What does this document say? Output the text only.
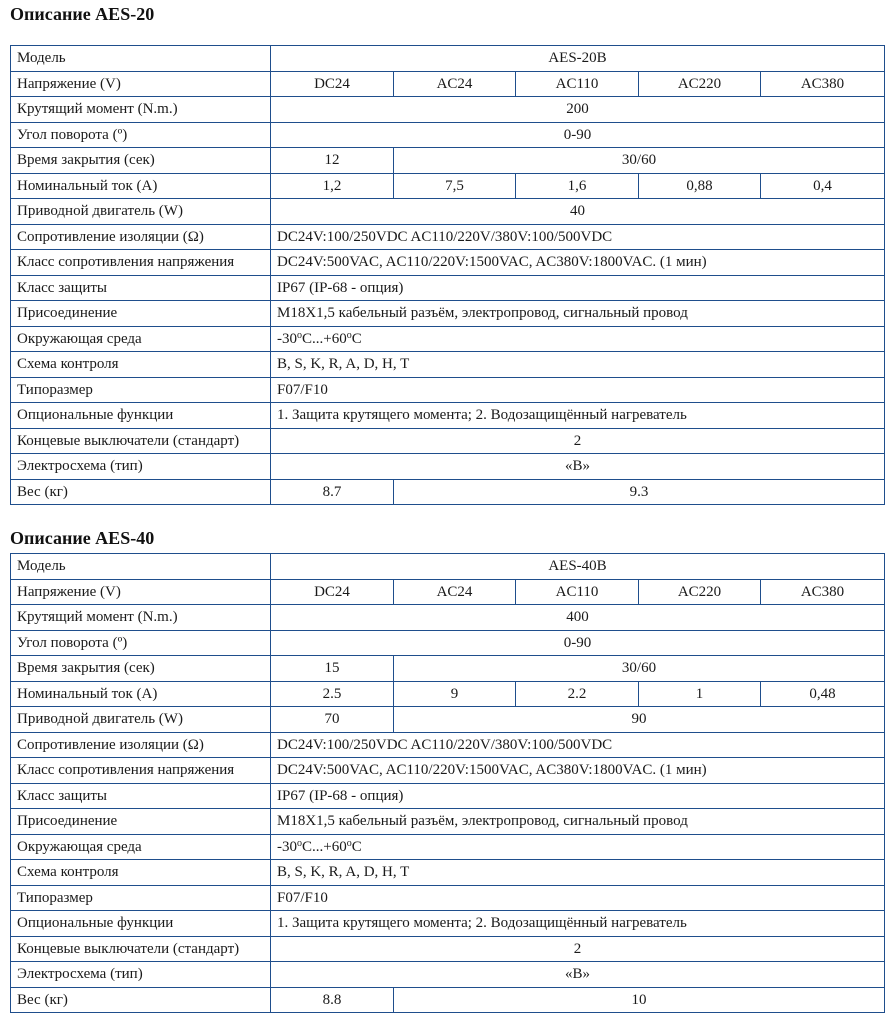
Описание AES-20
Модель	AES-20B				
Напряжение (V)	DC24	AC24	AC110	AC220	AC380
Крутящий момент (N.m.)	200				
Угол поворота (º)	0-90				
Время закрытия (сек)	12	30/60			
Номинальный ток (A)	1,2	7,5	1,6	0,88	0,4
Приводной двигатель (W)	40				
Сопротивление изоляции (Ω)	DC24V:100/250VDC AC110/220V/380V:100/500VDC				
Класс сопротивления напряжения	DC24V:500VAC, AC110/220V:1500VAC, AC380V:1800VAC. (1 мин)				
Класс защиты	IP67 (IP-68 - опция)				
Присоединение	M18X1,5 кабельный разъём, электропровод, сигнальный провод				
Окружающая среда	$-30^oC...+60^oC$				
Схема контроля	B, S, K, R, A, D, H, T				
Типоразмер	F07/F10				
Опциональные функции	1. Защита крутящего момента; 2. Водозащищённый нагреватель				
Концевые выключатели (стандарт)	2				
Электросхема (тип)	«B»				
Вес (кг)	8.7	9.3			
Описание AES-40
Модель	AES-40B				
Напряжение (V)	DC24	AC24	AC110	AC220	AC380
Крутящий момент (N.m.)	400				
Угол поворота (º)	0-90				
Время закрытия (сек)	15	30/60			
Номинальный ток (A)	2.5	9	2.2	1	0,48
Приводной двигатель (W)	70	90			
Сопротивление изоляции (Ω)	DC24V:100/250VDC AC110/220V/380V:100/500VDC				
Класс сопротивления напряжения	DC24V:500VAC, AC110/220V:1500VAC, AC380V:1800VAC. (1 мин)				
Класс защиты	IP67 (IP-68 - опция)				
Присоединение	M18X1,5 кабельный разъём, электропровод, сигнальный провод				
Окружающая среда	$-30^oC...+60^oC$				
Схема контроля	B, S, K, R, A, D, H, T				
Типоразмер	F07/F10				
Опциональные функции	1. Защита крутящего момента; 2. Водозащищённый нагреватель				
Концевые выключатели (стандарт)	2				
Электросхема (тип)	«B»				
Вес (кг)	8.8	10			
